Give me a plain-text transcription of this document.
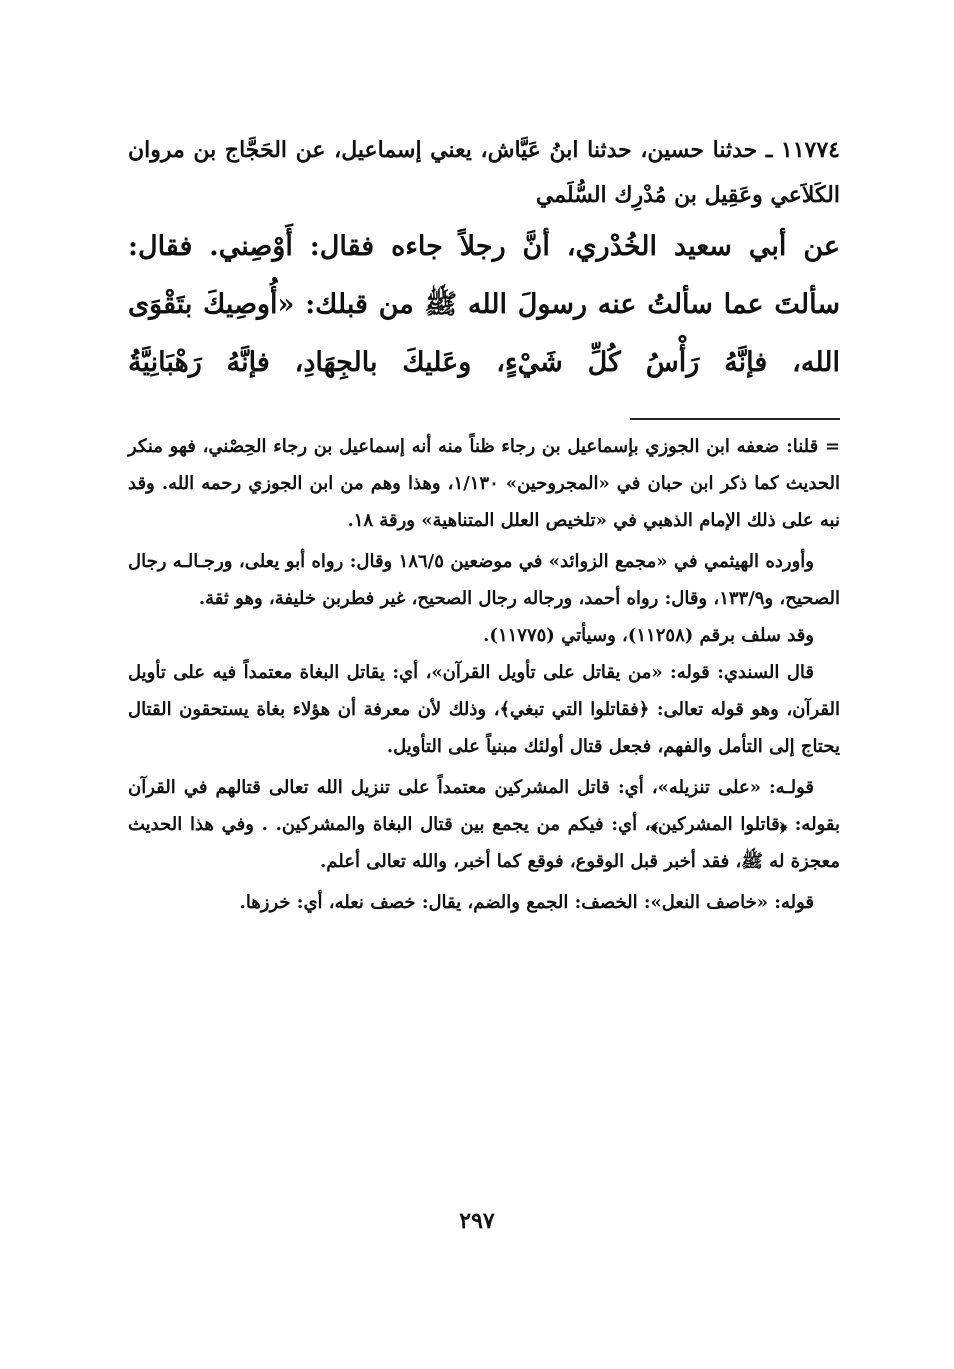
١١٧٧٤ ـ حدثنا حسين، حدثنا ابنُ عَيَّاش، يعني إسماعيل، عن الحَجَّاج بن مروان الكَلاَعي وعَقِيل بن مُدْرِك السُّلَمي

عن أبي سعيد الخُدْري، أنَّ رجلاً جاءه فقال: أَوْصِني. فقال: سألتَ عما سألتُ عنه رسولَ الله ﷺ من قبلك: «أُوصِيكَ بتَقْوَى الله، فإنَّهُ رَأْسُ كُلِّ شَيْءٍ، وعَليكَ بالجِهَادِ، فإنَّهُ رَهْبَانِيَّةُ

= قلنا: ضعفه ابن الجوزي بإسماعيل بن رجاء ظناً منه أنه إسماعيل بن رجاء الحِصْني، فهو منكر الحديث كما ذكر ابن حبان في «المجروحين» ١/١٣٠، وهذا وهم من ابن الجوزي رحمه الله. وقد نبه على ذلك الإمام الذهبي في «تلخيص العلل المتناهية» ورقة ١٨.

وأورده الهيثمي في «مجمع الزوائد» في موضعين ١٨٦/٥ وقال: رواه أبو يعلى، ورجـالـه رجال الصحيح، و١٣٣/٩، وقال: رواه أحمد، ورجاله رجال الصحيح، غير فطربن خليفة، وهو ثقة.

وقد سلف برقم (١١٢٥٨)، وسيأتي (١١٧٧٥).

قال السندي: قوله: «من يقاتل على تأويل القرآن»، أي: يقاتل البغاة معتمداً فيه على تأويل القرآن، وهو قوله تعالى: ﴿فقاتلوا التي تبغي﴾، وذلك لأن معرفة أن هؤلاء بغاة يستحقون القتال يحتاج إلى التأمل والفهم، فجعل قتال أولئك مبنياً على التأويل.

قولـه: «على تنزيله»، أي: قاتل المشركين معتمداً على تنزيل الله تعالى قتالهم في القرآن بقوله: ﴿قاتلوا المشركين﴾، أي: فيكم من يجمع بين قتال البغاة والمشركين. . وفي هذا الحديث معجزة له ﷺ، فقد أخبر قبل الوقوع، فوقع كما أخبر، والله تعالى أعلم.

قوله: «خاصف النعل»: الخصف: الجمع والضم، يقال: خصف نعله، أي: خرزها.

٢٩٧
